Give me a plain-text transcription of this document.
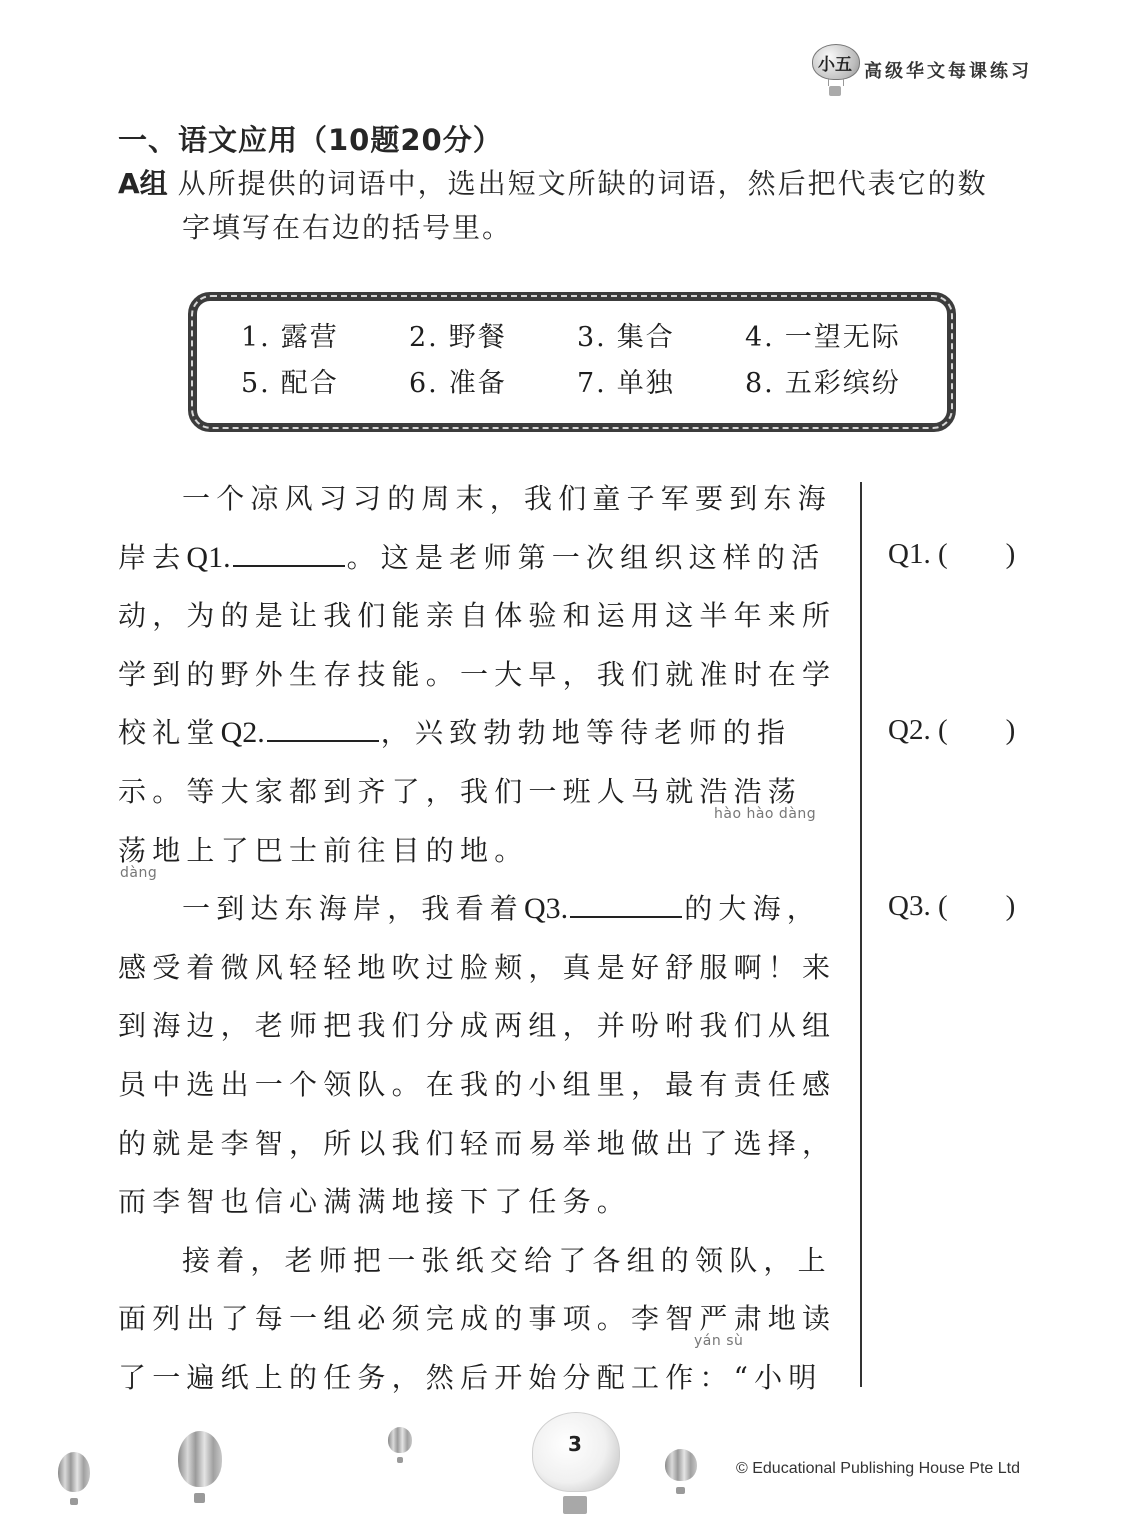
小五 高级华文每课练习
一、语文应用（10题20分）
A组 从所提供的词语中，选出短文所缺的词语，然后把代表它的数
字填写在右边的括号里。
1. 露营	2. 野餐	3. 集合	4. 一望无际
5. 配合	6. 准备	7. 单独	8. 五彩缤纷
一个凉风习习的周末，我们童子军要到东海
岸去Q1.	。这是老师第一次组织这样的活
动，为的是让我们能亲自体验和运用这半年来所
学到的野外生存技能。一大早，我们就准时在学
校礼堂Q2.	，兴致勃勃地等待老师的指
示。等大家都到齐了，我们一班人马就浩浩荡
hào hào dàng
荡地上了巴士前往目的地。
dàng
一到达东海岸，我看着Q3.	的大海，
感受着微风轻轻地吹过脸颊，真是好舒服啊！来
到海边，老师把我们分成两组，并吩咐我们从组
员中选出一个领队。在我的小组里，最有责任感
的就是李智，所以我们轻而易举地做出了选择，
而李智也信心满满地接下了任务。
接着，老师把一张纸交给了各组的领队，上
面列出了每一组必须完成的事项。李智严肃地读
yán sù
了一遍纸上的任务，然后开始分配工作：“小明
Q1. ( )
Q2. ( )
Q3. ( )
3
© Educational Publishing House Pte Ltd
